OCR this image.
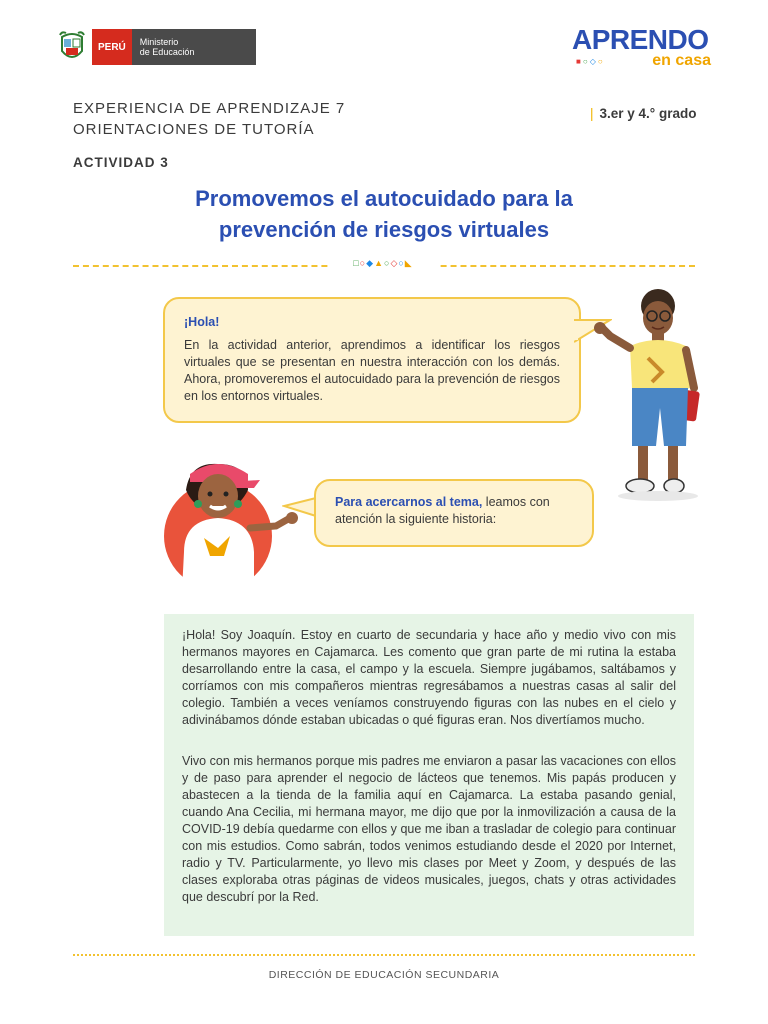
PERÚ	Ministerio
de Educación	APRENDO
■○◇○	en casa
EXPERIENCIA DE APRENDIZAJE 7
ORIENTACIONES DE TUTORÍA
| 3.er y 4.° grado
ACTIVIDAD 3
Promovemos el autocuidado para la
prevención de riesgos virtuales
□○◆▲○◇○◣
¡Hola!
En la actividad anterior, aprendimos a identificar los riesgos virtuales que se presentan en nuestra interacción con los demás. Ahora, promoveremos el autocuidado para la prevención de riesgos en los entornos virtuales.
Para acercarnos al tema, leamos con atención la siguiente historia:

¡Hola! Soy Joaquín. Estoy en cuarto de secundaria y hace año y medio vivo con mis hermanos mayores en Cajamarca. Les comento que gran parte de mi rutina la estaba desarrollando entre la casa, el campo y la escuela. Siempre jugábamos, saltábamos y corríamos con mis compañeros mientras regresábamos a nuestras casas al salir del colegio. También a veces veníamos construyendo figuras con las nubes en el cielo y adivinábamos dónde estaban ubicadas o qué figuras eran. Nos divertíamos mucho.

Vivo con mis hermanos porque mis padres me enviaron a pasar las vacaciones con ellos y de paso para aprender el negocio de lácteos que tenemos. Mis papás producen y abastecen a la tienda de la familia aquí en Cajamarca. La estaba pasando genial, cuando Ana Cecilia, mi hermana mayor, me dijo que por la inmovilización a causa de la COVID-19 debía quedarme con ellos y que me iban a trasladar de colegio para continuar con mis estudios. Como sabrán, todos venimos estudiando desde el 2020 por Internet, radio y TV. Particularmente, yo llevo mis clases por Meet y Zoom, y después de las clases exploraba otras páginas de videos musicales, juegos, chats y otras actividades que descubrí por la Red.

DIRECCIÓN DE EDUCACIÓN SECUNDARIA
